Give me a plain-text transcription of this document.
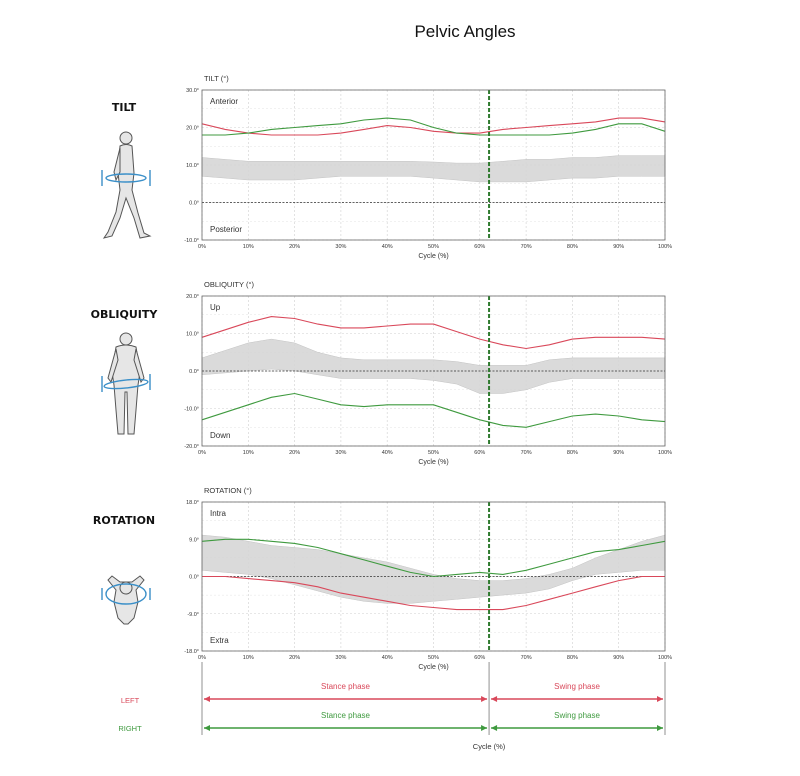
Pelvic Angles
TILT
OBLIQUITY
ROTATION
TILT (°)
-10.0°
0.0°
10.0°
20.0°
30.0°
0%	10%	20%	30%	40%	50%	60%	70%	80%	90%	100%
Cycle (%)
Anterior
Posterior
OBLIQUITY (°)
-20.0°
-10.0°
0.0°
10.0°
20.0°
0%	10%	20%	30%	40%	50%	60%	70%	80%	90%	100%
Cycle (%)
Up
Down
ROTATION (°)
-18.0°
-9.0°
0.0°
9.0°
18.0°
0%	10%	20%	30%	40%	50%	60%	70%	80%	90%	100%
Cycle (%)
Intra
Extra
Stance phase	Swing phase
Stance phase	Swing phase
LEFT
RIGHT
Cycle (%)
